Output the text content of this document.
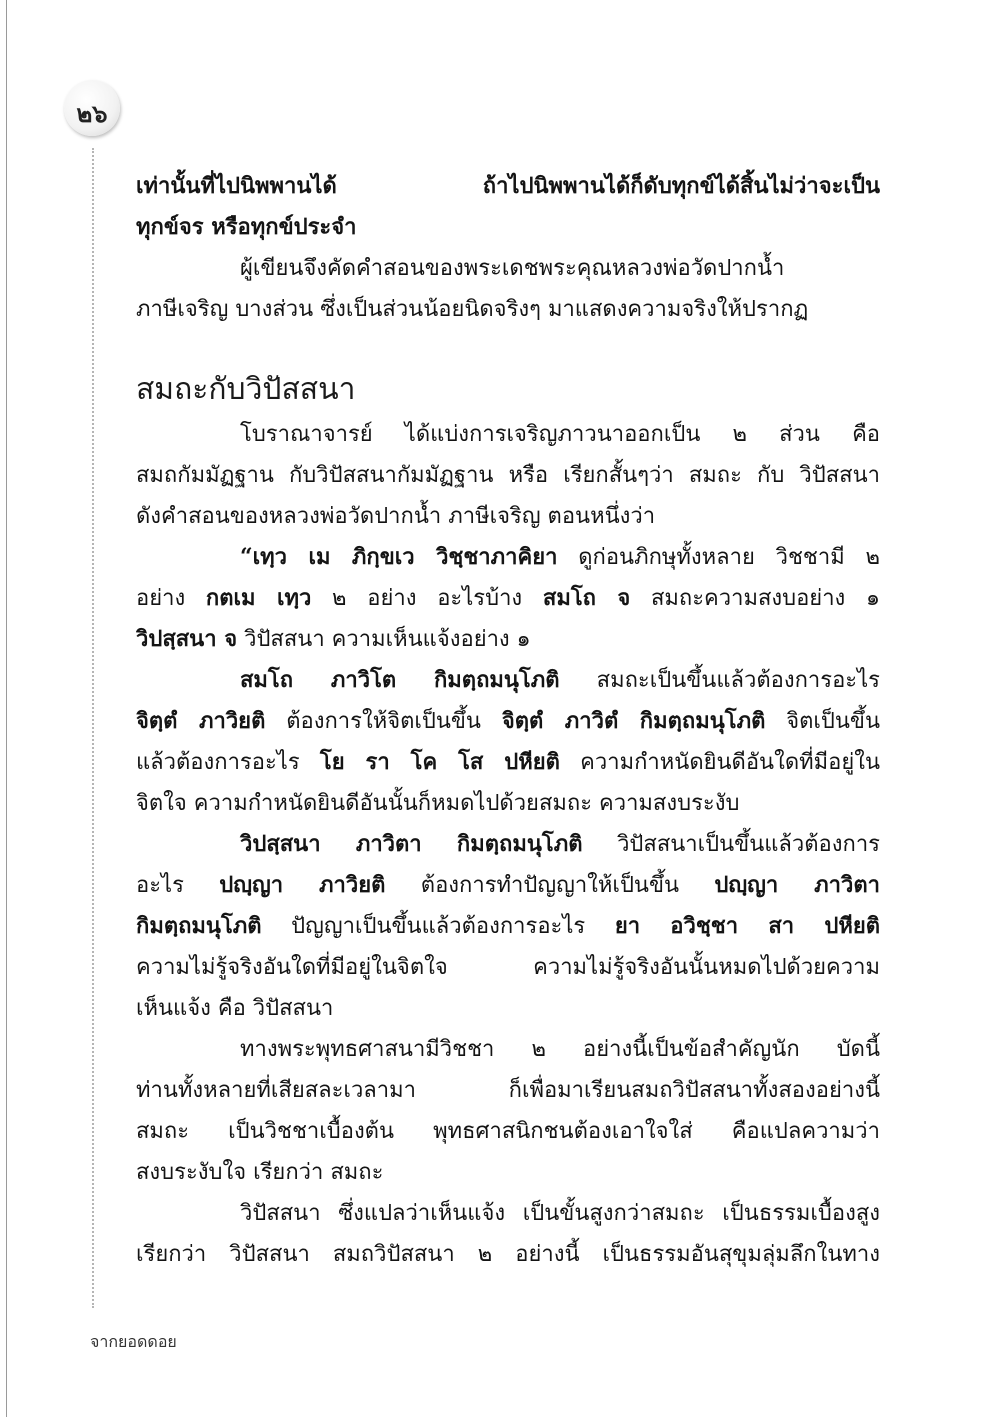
๒๖
เท่านั้นที่ไปนิพพานได้ ถ้าไปนิพพานได้ก็ดับทุกข์ได้สิ้นไม่ว่าจะเป็น
ทุกข์จร หรือทุกข์ประจำ
ผู้เขียนจึงคัดคำสอนของพระเดชพระคุณหลวงพ่อวัดปากน้ำ
ภาษีเจริญ บางส่วน ซึ่งเป็นส่วนน้อยนิดจริงๆ มาแสดงความจริงให้ปรากฏ
สมถะกับวิปัสสนา
โบราณาจารย์ ได้แบ่งการเจริญภาวนาออกเป็น ๒ ส่วน คือ
สมถกัมมัฏฐาน กับวิปัสสนากัมมัฏฐาน หรือ เรียกสั้นๆว่า สมถะ กับ วิปัสสนา
ดังคำสอนของหลวงพ่อวัดปากน้ำ ภาษีเจริญ ตอนหนึ่งว่า
“เทฺว เม ภิกฺขเว วิชฺชาภาคิยา ดูก่อนภิกษุทั้งหลาย วิชชามี ๒
อย่าง กตเม เทฺว ๒ อย่าง อะไรบ้าง สมโถ จ สมถะความสงบอย่าง ๑
วิปสฺสนา จ วิปัสสนา ความเห็นแจ้งอย่าง ๑
สมโถ ภาวิโต กิมตฺถมนุโภติ สมถะเป็นขึ้นแล้วต้องการอะไร
จิตฺตํ ภาวิยติ ต้องการให้จิตเป็นขึ้น จิตฺตํ ภาวิตํ กิมตฺถมนุโภติ จิตเป็นขึ้น
แล้วต้องการอะไร โย รา โค โส ปหียติ ความกำหนัดยินดีอันใดที่มีอยู่ใน
จิตใจ ความกำหนัดยินดีอันนั้นก็หมดไปด้วยสมถะ ความสงบระงับ
วิปสฺสนา ภาวิตา กิมตฺถมนุโภติ วิปัสสนาเป็นขึ้นแล้วต้องการ
อะไร ปญฺญา ภาวิยติ ต้องการทำปัญญาให้เป็นขึ้น ปญฺญา ภาวิตา
กิมตฺถมนุโภติ ปัญญาเป็นขึ้นแล้วต้องการอะไร ยา อวิชฺชา สา ปหียติ
ความไม่รู้จริงอันใดที่มีอยู่ในจิตใจ ความไม่รู้จริงอันนั้นหมดไปด้วยความ
เห็นแจ้ง คือ วิปัสสนา
ทางพระพุทธศาสนามีวิชชา ๒ อย่างนี้เป็นข้อสำคัญนัก บัดนี้
ท่านทั้งหลายที่เสียสละเวลามา ก็เพื่อมาเรียนสมถวิปัสสนาทั้งสองอย่างนี้
สมถะ เป็นวิชชาเบื้องต้น พุทธศาสนิกชนต้องเอาใจใส่ คือแปลความว่า
สงบระงับใจ เรียกว่า สมถะ
วิปัสสนา ซึ่งแปลว่าเห็นแจ้ง เป็นขั้นสูงกว่าสมถะ เป็นธรรมเบื้องสูง
เรียกว่า วิปัสสนา สมถวิปัสสนา ๒ อย่างนี้ เป็นธรรมอันสุขุมลุ่มลึกในทาง
จากยอดดอย
